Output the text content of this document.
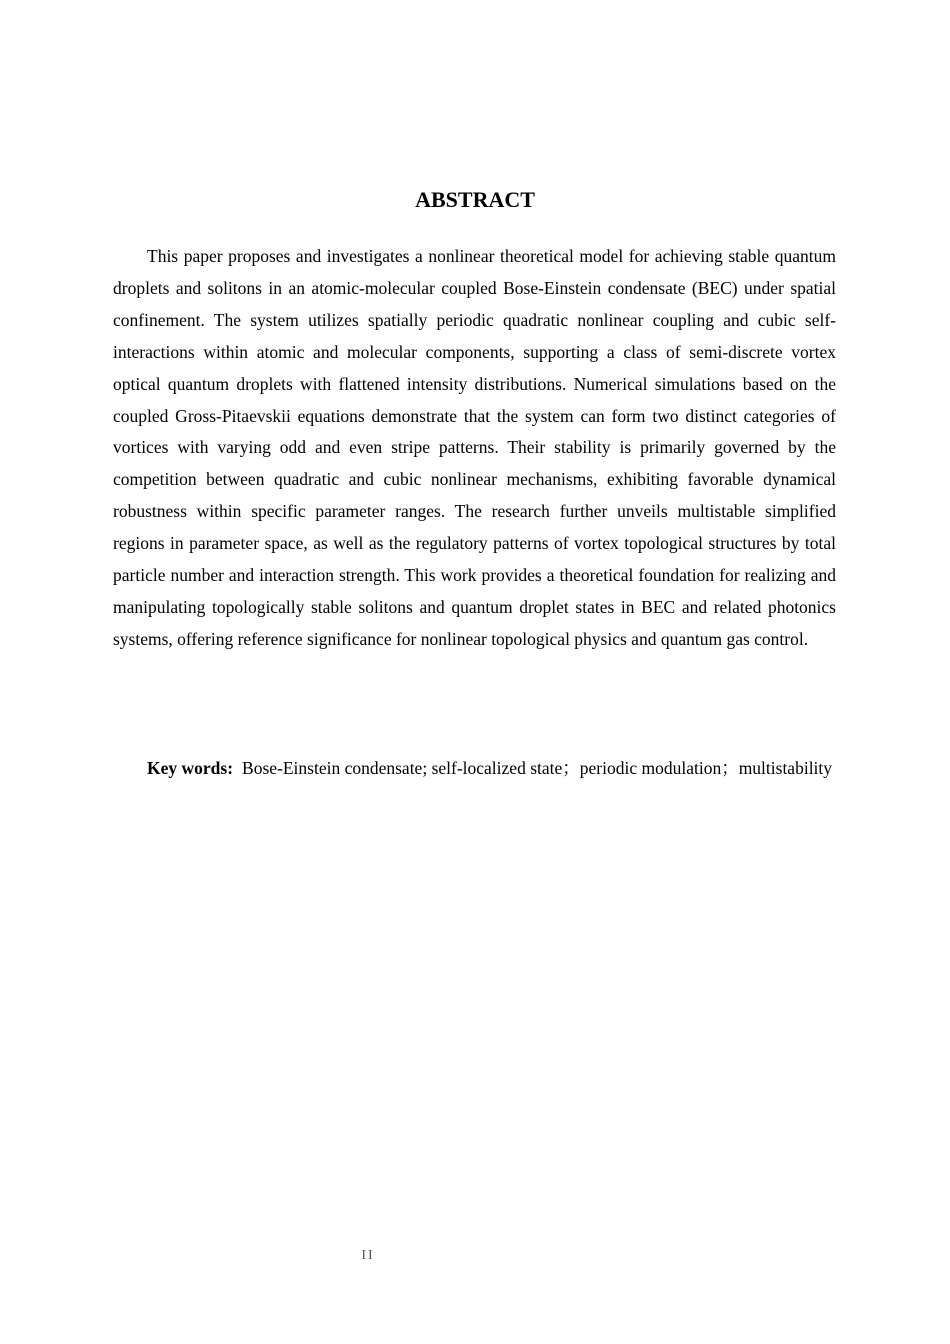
ABSTRACT

This paper proposes and investigates a nonlinear theoretical model for achieving stable quantum droplets and solitons in an atomic-molecular coupled Bose-Einstein condensate (BEC) under spatial confinement. The system utilizes spatially periodic quadratic nonlinear coupling and cubic self-interactions within atomic and molecular components, supporting a class of semi-discrete vortex optical quantum droplets with flattened intensity distributions. Numerical simulations based on the coupled Gross-Pitaevskii equations demonstrate that the system can form two distinct categories of vortices with varying odd and even stripe patterns. Their stability is primarily governed by the competition between quadratic and cubic nonlinear mechanisms, exhibiting favorable dynamical robustness within specific parameter ranges. The research further unveils multistable simplified regions in parameter space, as well as the regulatory patterns of vortex topological structures by total particle number and interaction strength. This work provides a theoretical foundation for realizing and manipulating topologically stable solitons and quantum droplet states in BEC and related photonics systems, offering reference significance for nonlinear topological physics and quantum gas control.

Key words: Bose-Einstein condensate; self-localized state；periodic modulation；multistability

II
